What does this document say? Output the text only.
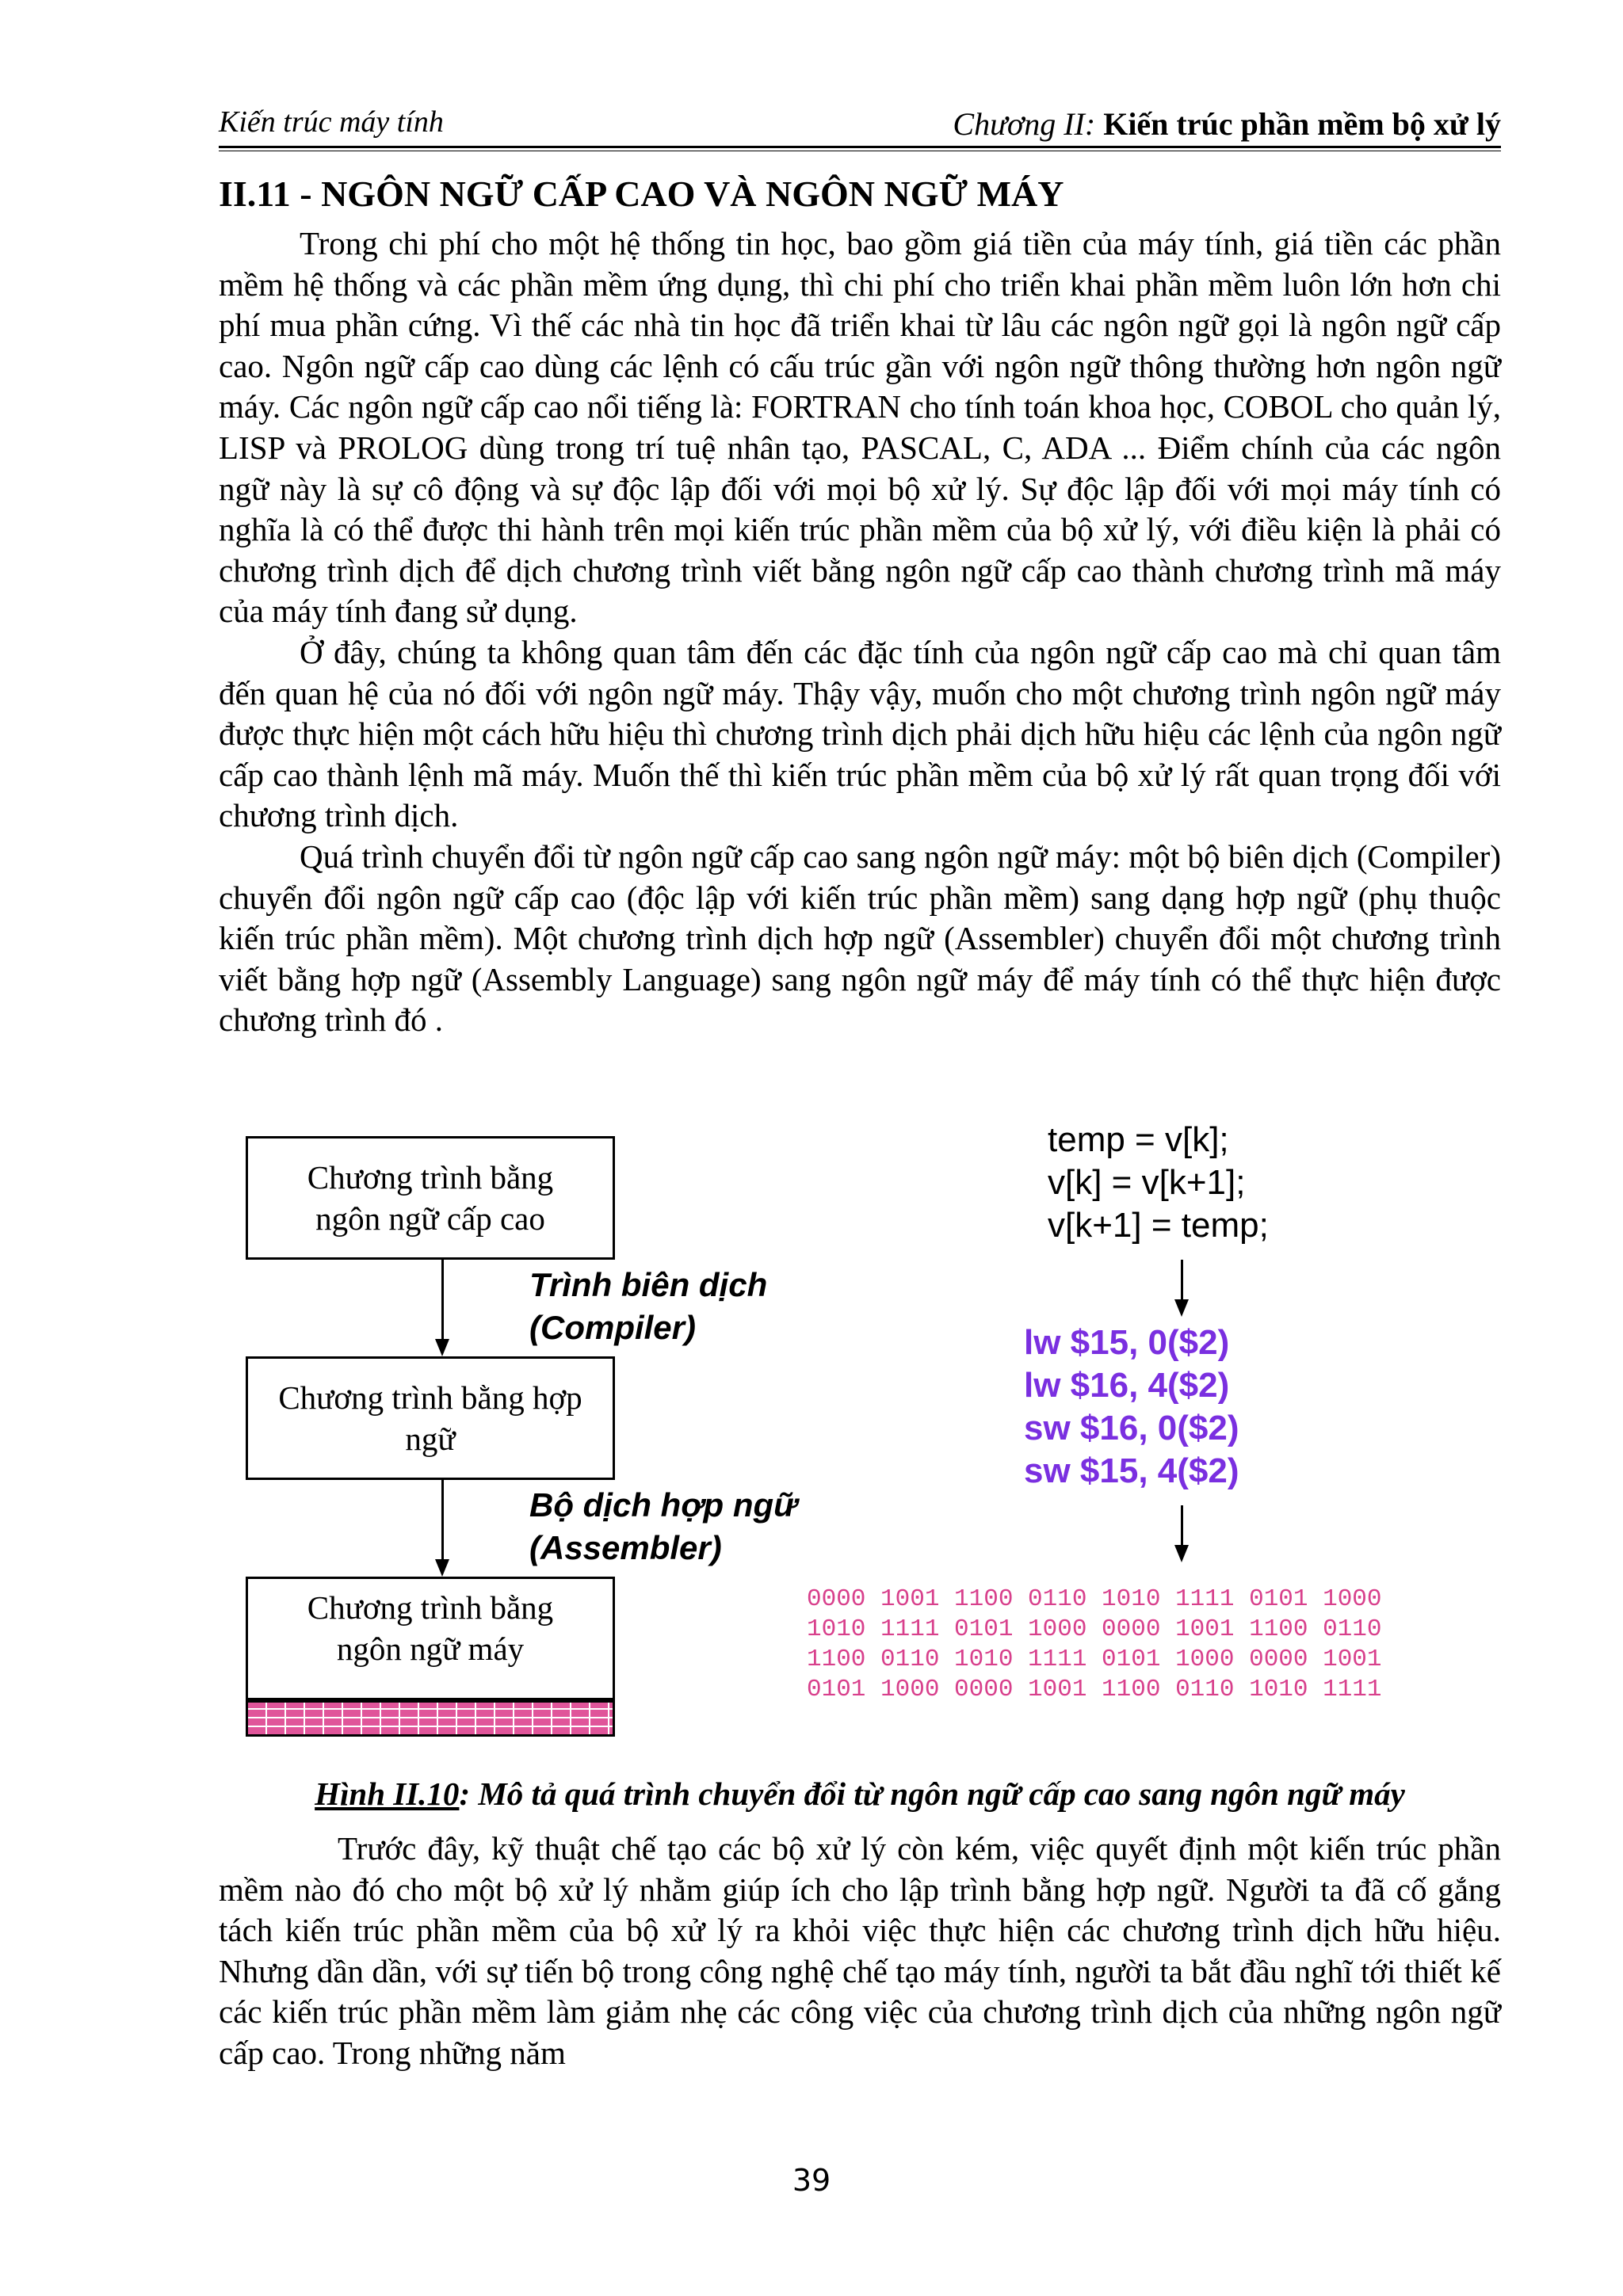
Kiến trúc máy tính	Chương II: Kiến trúc phần mềm bộ xử lý
II.11 - NGÔN NGỮ CẤP CAO VÀ NGÔN NGỮ MÁY

Trong chi phí cho một hệ thống tin học, bao gồm giá tiền của máy tính, giá tiền các phần mềm hệ thống và các phần mềm ứng dụng, thì chi phí cho triển khai phần mềm luôn lớn hơn chi phí mua phần cứng. Vì thế các nhà tin học đã triển khai từ lâu các ngôn ngữ gọi là ngôn ngữ cấp cao. Ngôn ngữ cấp cao dùng các lệnh có cấu trúc gần với ngôn ngữ thông thường hơn ngôn ngữ máy. Các ngôn ngữ cấp cao nổi tiếng là: FORTRAN cho tính toán khoa học, COBOL cho quản lý, LISP và PROLOG dùng trong trí tuệ nhân tạo, PASCAL, C, ADA ... Điểm chính của các ngôn ngữ này là sự cô động và sự độc lập đối với mọi bộ xử lý. Sự độc lập đối với mọi máy tính có nghĩa là có thể được thi hành trên mọi kiến trúc phần mềm của bộ xử lý, với điều kiện là phải có chương trình dịch để dịch chương trình viết bằng ngôn ngữ cấp cao thành chương trình mã máy của máy tính đang sử dụng.

Ở đây, chúng ta không quan tâm đến các đặc tính của ngôn ngữ cấp cao mà chỉ quan tâm đến quan hệ của nó đối với ngôn ngữ máy. Thậy vậy, muốn cho một chương trình ngôn ngữ máy được thực hiện một cách hữu hiệu thì chương trình dịch phải dịch hữu hiệu các lệnh của ngôn ngữ cấp cao thành lệnh mã máy. Muốn thế thì kiến trúc phần mềm của bộ xử lý rất quan trọng đối với chương trình dịch.

Quá trình chuyển đổi từ ngôn ngữ cấp cao sang ngôn ngữ máy: một bộ biên dịch (Compiler) chuyển đổi ngôn ngữ cấp cao (độc lập với kiến trúc phần mềm) sang dạng hợp ngữ (phụ thuộc kiến trúc phần mềm). Một chương trình dịch hợp ngữ (Assembler) chuyển đổi một chương trình viết bằng hợp ngữ (Assembly Language) sang ngôn ngữ máy để máy tính có thể thực hiện được chương trình đó .

Chương trình bằng
ngôn ngữ cấp cao
Chương trình bằng hợp
ngữ
Chương trình bằng
ngôn ngữ máy
Trình biên dịch
(Compiler)
Bộ dịch hợp ngữ
(Assembler)
temp = v[k];
v[k] = v[k+1];
v[k+1] = temp;
lw $15, 0($2)
lw $16, 4($2)
sw $16, 0($2)
sw $15, 4($2)
0000 1001 1100 0110 1010 1111 0101 1000
1010 1111 0101 1000 0000 1001 1100 0110
1100 0110 1010 1111 0101 1000 0000 1001
0101 1000 0000 1001 1100 0110 1010 1111
Hình II.10: Mô tả quá trình chuyển đổi từ ngôn ngữ cấp cao sang ngôn ngữ máy

Trước đây, kỹ thuật chế tạo các bộ xử lý còn kém, việc quyết định một kiến trúc phần mềm nào đó cho một bộ xử lý nhằm giúp ích cho lập trình bằng hợp ngữ. Người ta đã cố gắng tách kiến trúc phần mềm của bộ xử lý ra khỏi việc thực hiện các chương trình dịch hữu hiệu. Nhưng dần dần, với sự tiến bộ trong công nghệ chế tạo máy tính, người ta bắt đầu nghĩ tới thiết kế các kiến trúc phần mềm làm giảm nhẹ các công việc của chương trình dịch của những ngôn ngữ cấp cao. Trong những năm

39
